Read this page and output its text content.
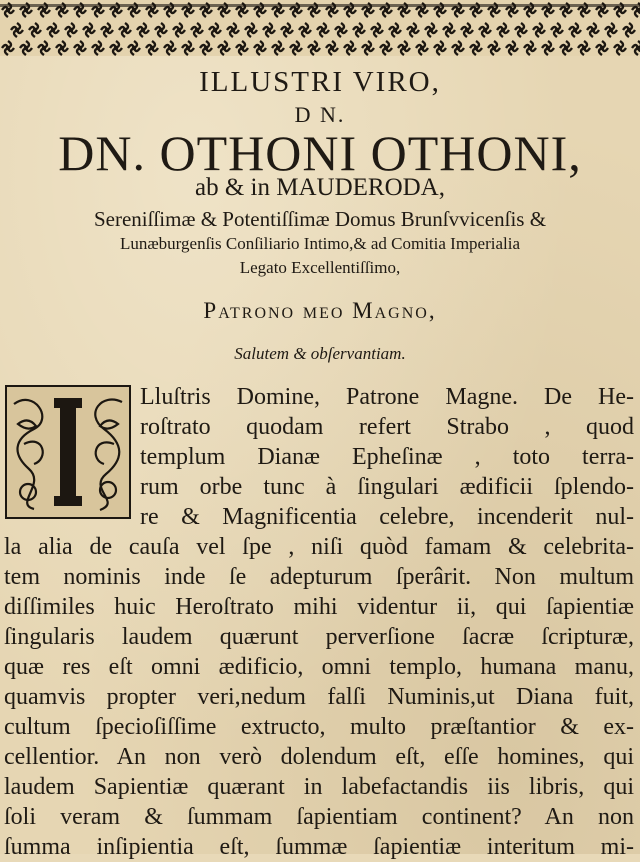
ILLUSTRI VIRO,
D N.
DN. OTHONI OTHONI,
ab & in MAUDERODA,
Sereniſſimæ & Potentiſſimæ Domus Brunſvvicenſis &
Lunæburgenſis Conſiliario Intimo,& ad Comitia Imperialia
Legato Excellentiſſimo,
Patrono meo Magno,
Salutem & obſervantiam.
Lluſtris Domine, Patrone Magne. De He-
roſtrato quodam refert Strabo , quod
templum Dianæ Epheſinæ , toto terra-
rum orbe tunc à ſingulari ædificii ſplendo-
re & Magnificentia celebre, incenderit nul-
la alia de cauſa vel ſpe , niſi quòd famam & celebrita-
tem nominis inde ſe adepturum ſperârit. Non multum
diſſimiles huic Heroſtrato mihi videntur ii, qui ſapientiæ
ſingularis laudem quærunt perverſione ſacræ ſcripturæ,
quæ res eſt omni ædificio, omni templo, humana manu,
quamvis propter veri,nedum falſi Numinis,ut Diana fuit,
cultum ſpecioſiſſime extructo, multo præſtantior & ex-
cellentior. An non verò dolendum eſt, eſſe homines, qui
laudem Sapientiæ quærant in labefactandis iis libris, qui
ſoli veram & ſummam ſapientiam continent? An non
ſumma inſipientia eſt, ſummæ ſapientiæ interitum mi-
